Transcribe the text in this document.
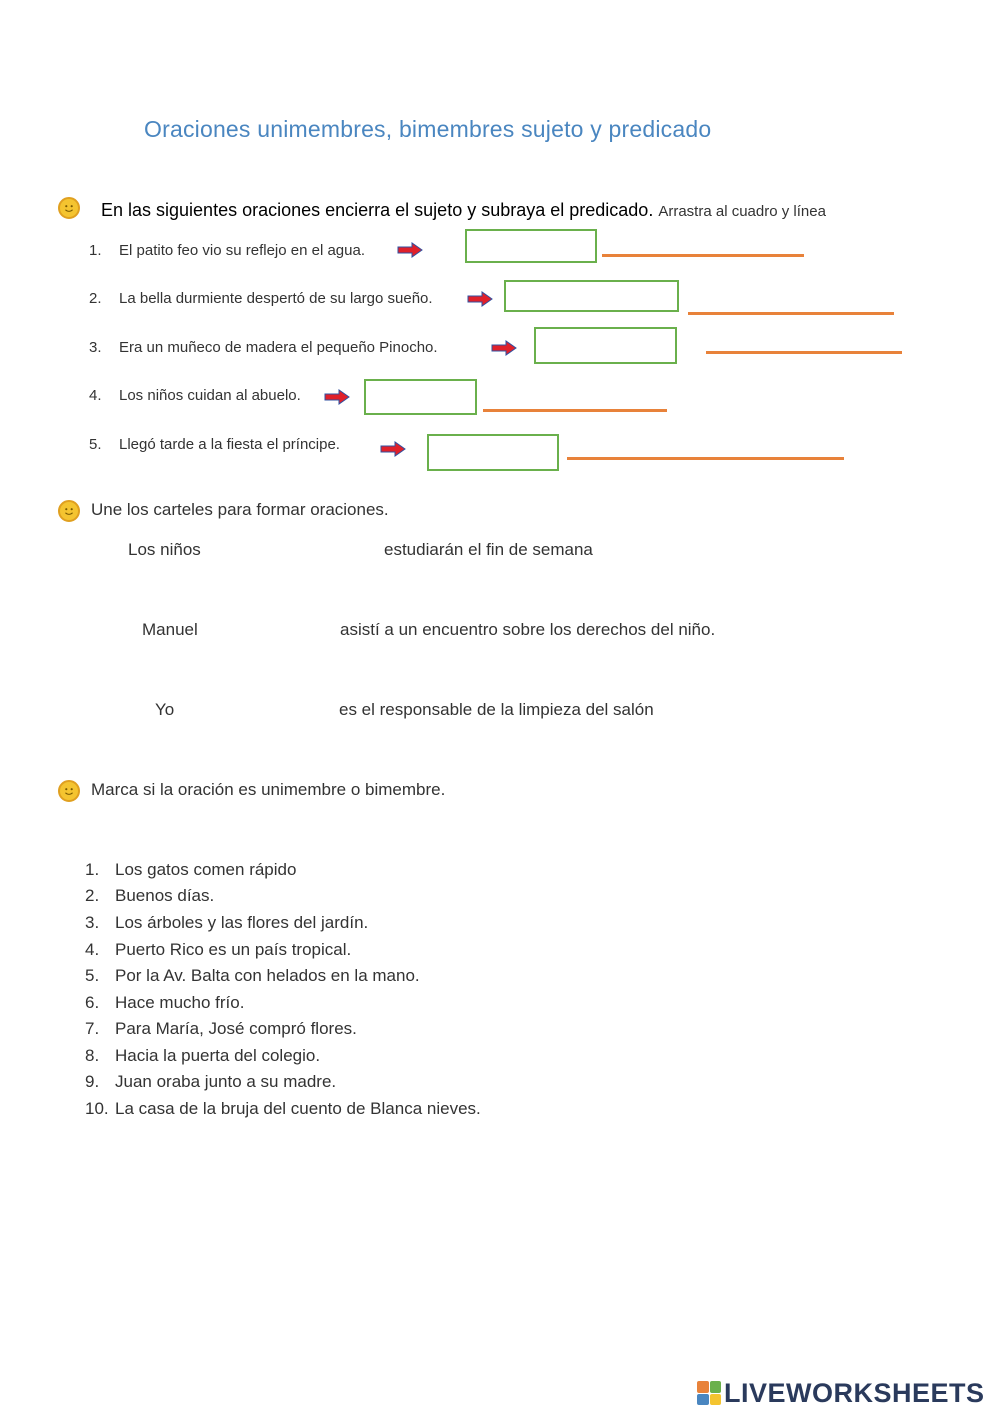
Oraciones unimembres, bimembres sujeto y predicado
En las siguientes oraciones encierra el sujeto y subraya el predicado. Arrastra al cuadro y línea
1. El patito feo vio su reflejo en el agua.
2. La bella durmiente despertó de su largo sueño.
3. Era un muñeco de madera el pequeño Pinocho.
4. Los niños cuidan al abuelo.
5. Llegó tarde a la fiesta el príncipe.
Une los carteles para formar oraciones.
Los niños	estudiarán el fin de semana
Manuel	asistí a un encuentro sobre los derechos del niño.
Yo	es el responsable de la limpieza del salón
Marca si la oración es unimembre o bimembre.
1. Los gatos comen rápido
2. Buenos días.
3. Los árboles y las flores del jardín.
4. Puerto Rico es un país tropical.
5. Por la Av. Balta con helados en la mano.
6. Hace mucho frío.
7. Para María, José compró flores.
8. Hacia la puerta del colegio.
9. Juan oraba junto a su madre.
10. La casa de la bruja del cuento de Blanca nieves.
LIVEWORKSHEETS
